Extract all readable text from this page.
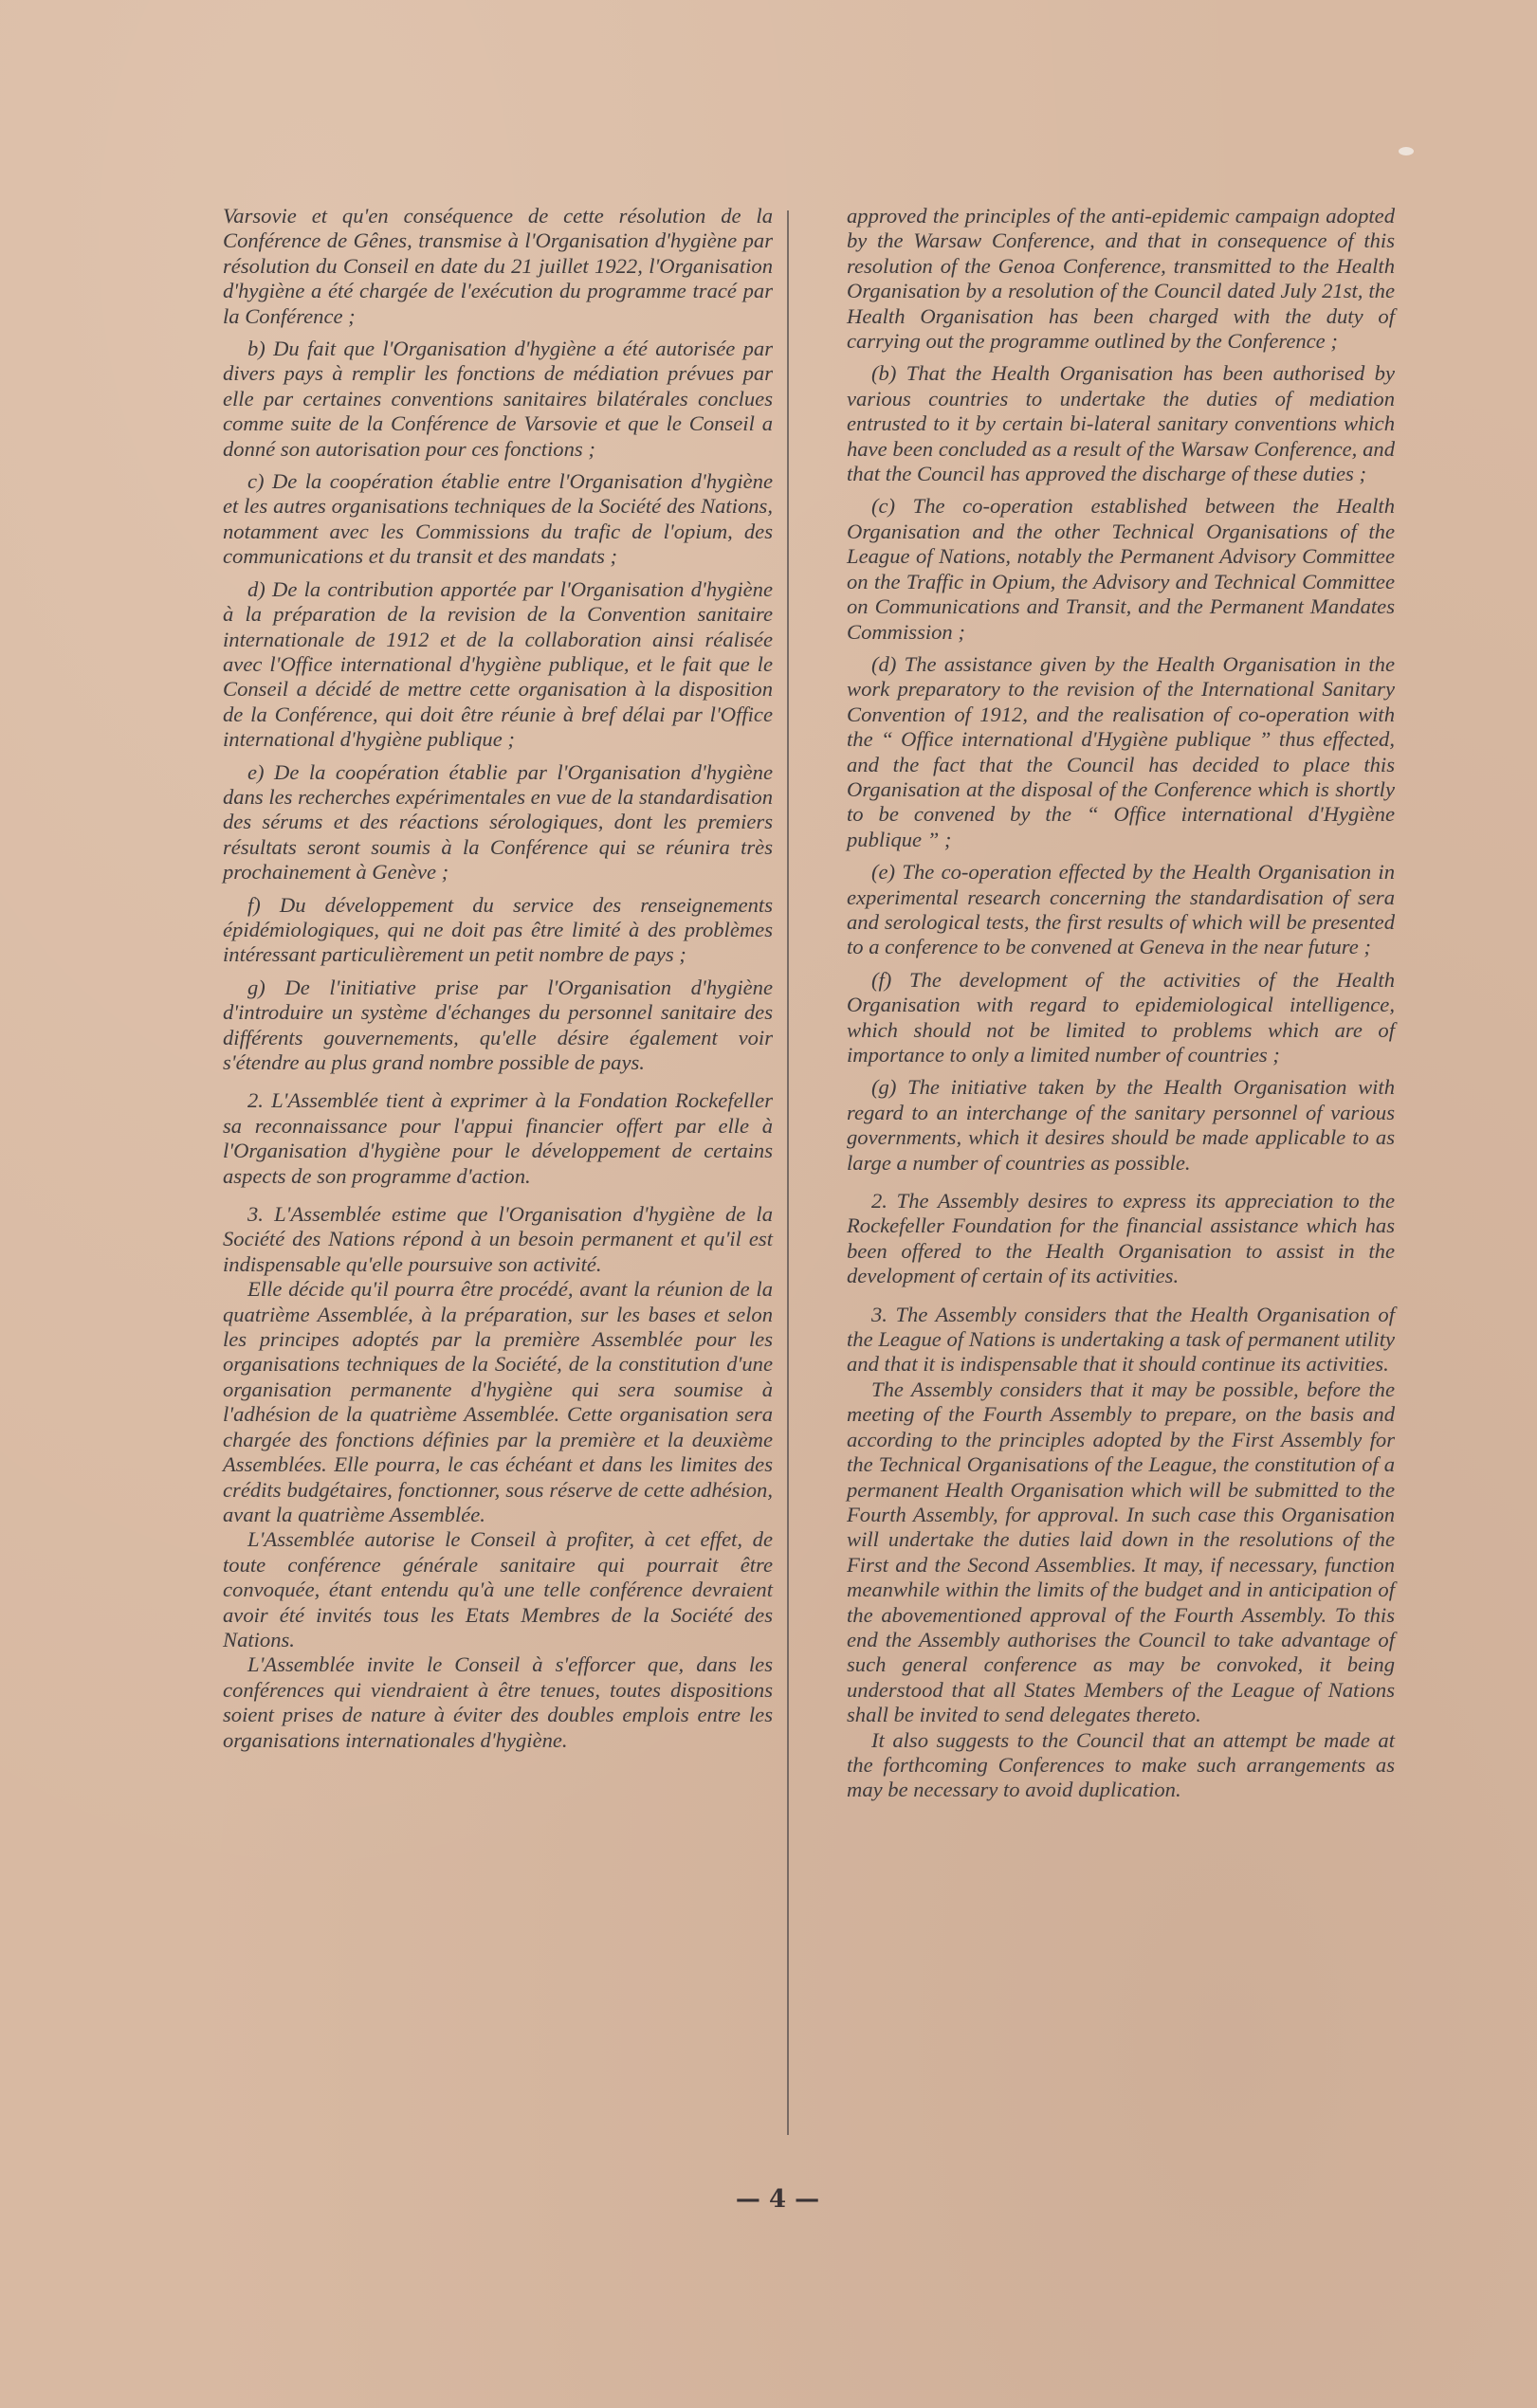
Varsovie et qu'en conséquence de cette résolution de la Conférence de Gênes, transmise à l'Organisation d'hygiène par résolution du Conseil en date du 21 juillet 1922, l'Organisation d'hygiène a été chargée de l'exécution du programme tracé par la Conférence ;

b) Du fait que l'Organisation d'hygiène a été autorisée par divers pays à remplir les fonctions de médiation prévues par elle par certaines conventions sanitaires bilatérales conclues comme suite de la Conférence de Varsovie et que le Conseil a donné son autorisation pour ces fonctions ;

c) De la coopération établie entre l'Organisation d'hygiène et les autres organisations techniques de la Société des Nations, notamment avec les Commissions du trafic de l'opium, des communications et du transit et des mandats ;

d) De la contribution apportée par l'Organisation d'hygiène à la préparation de la revision de la Convention sanitaire internationale de 1912 et de la collaboration ainsi réalisée avec l'Office international d'hygiène publique, et le fait que le Conseil a décidé de mettre cette organisation à la disposition de la Conférence, qui doit être réunie à bref délai par l'Office international d'hygiène publique ;

e) De la coopération établie par l'Organisation d'hygiène dans les recherches expérimentales en vue de la standardisation des sérums et des réactions sérologiques, dont les premiers résultats seront soumis à la Conférence qui se réunira très prochainement à Genève ;

f) Du développement du service des renseignements épidémiologiques, qui ne doit pas être limité à des problèmes intéressant particulièrement un petit nombre de pays ;

g) De l'initiative prise par l'Organisation d'hygiène d'introduire un système d'échanges du personnel sanitaire des différents gouvernements, qu'elle désire également voir s'étendre au plus grand nombre possible de pays.

2. L'Assemblée tient à exprimer à la Fondation Rockefeller sa reconnaissance pour l'appui financier offert par elle à l'Organisation d'hygiène pour le développement de certains aspects de son programme d'action.

3. L'Assemblée estime que l'Organisation d'hygiène de la Société des Nations répond à un besoin permanent et qu'il est indispensable qu'elle poursuive son activité.

Elle décide qu'il pourra être procédé, avant la réunion de la quatrième Assemblée, à la préparation, sur les bases et selon les principes adoptés par la première Assemblée pour les organisations techniques de la Société, de la constitution d'une organisation permanente d'hygiène qui sera soumise à l'adhésion de la quatrième Assemblée. Cette organisation sera chargée des fonctions définies par la première et la deuxième Assemblées. Elle pourra, le cas échéant et dans les limites des crédits budgétaires, fonctionner, sous réserve de cette adhésion, avant la quatrième Assemblée.

L'Assemblée autorise le Conseil à profiter, à cet effet, de toute conférence générale sanitaire qui pourrait être convoquée, étant entendu qu'à une telle conférence devraient avoir été invités tous les Etats Membres de la Société des Nations.

L'Assemblée invite le Conseil à s'efforcer que, dans les conférences qui viendraient à être tenues, toutes dispositions soient prises de nature à éviter des doubles emplois entre les organisations internationales d'hygiène.

approved the principles of the anti-epidemic campaign adopted by the Warsaw Conference, and that in consequence of this resolution of the Genoa Conference, transmitted to the Health Organisation by a resolution of the Council dated July 21st, the Health Organisation has been charged with the duty of carrying out the programme outlined by the Conference ;

(b) That the Health Organisation has been authorised by various countries to undertake the duties of mediation entrusted to it by certain bi-lateral sanitary conventions which have been concluded as a result of the Warsaw Conference, and that the Council has approved the discharge of these duties ;

(c) The co-operation established between the Health Organisation and the other Technical Organisations of the League of Nations, notably the Permanent Advisory Committee on the Traffic in Opium, the Advisory and Technical Committee on Communications and Transit, and the Permanent Mandates Commission ;

(d) The assistance given by the Health Organisation in the work preparatory to the revision of the International Sanitary Convention of 1912, and the realisation of co-operation with the “ Office international d'Hygiène publique ” thus effected, and the fact that the Council has decided to place this Organisation at the disposal of the Conference which is shortly to be convened by the “ Office international d'Hygiène publique ” ;

(e) The co-operation effected by the Health Organisation in experimental research concerning the standardisation of sera and serological tests, the first results of which will be presented to a conference to be convened at Geneva in the near future ;

(f) The development of the activities of the Health Organisation with regard to epidemiological intelligence, which should not be limited to problems which are of importance to only a limited number of countries ;

(g) The initiative taken by the Health Organisation with regard to an interchange of the sanitary personnel of various governments, which it desires should be made applicable to as large a number of countries as possible.

2. The Assembly desires to express its appreciation to the Rockefeller Foundation for the financial assistance which has been offered to the Health Organisation to assist in the development of certain of its activities.

3. The Assembly considers that the Health Organisation of the League of Nations is undertaking a task of permanent utility and that it is indispensable that it should continue its activities.

The Assembly considers that it may be possible, before the meeting of the Fourth Assembly to prepare, on the basis and according to the principles adopted by the First Assembly for the Technical Organisations of the League, the constitution of a permanent Health Organisation which will be submitted to the Fourth Assembly, for approval. In such case this Organisation will undertake the duties laid down in the resolutions of the First and the Second Assemblies. It may, if necessary, function meanwhile within the limits of the budget and in anticipation of the abovementioned approval of the Fourth Assembly. To this end the Assembly authorises the Council to take advantage of such general conference as may be convoked, it being understood that all States Members of the League of Nations shall be invited to send delegates thereto.

It also suggests to the Council that an attempt be made at the forthcoming Conferences to make such arrangements as may be necessary to avoid duplication.

— 4 —
